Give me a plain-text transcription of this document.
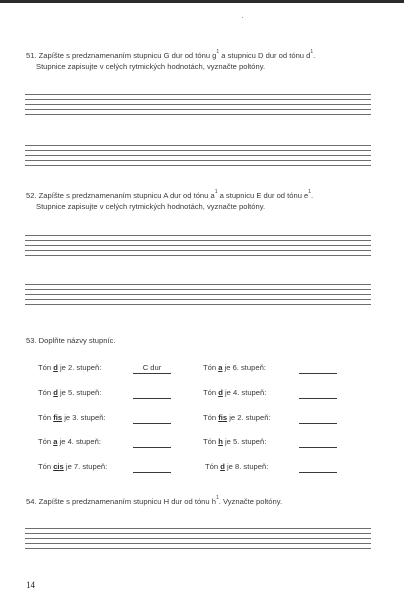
51. Zapíšte s predznamenaním stupnicu G dur od tónu $g^1$ a stupnicu D dur od tónu $d^1$.
Stupnice zapisujte v celých rytmických hodnotách, vyznačte poltóny.
52. Zapíšte s predznamenaním stupnicu A dur od tónu $a^1$ a stupnicu E dur od tónu $e^1$.
Stupnice zapisujte v celých rytmických hodnotách, vyznačte poltóny.
53. Doplňte názvy stupníc.
Tón d je 2. stupeň:	C dur	Tón a je 6. stupeň:
Tón d je 5. stupeň:	Tón d je 4. stupeň:
Tón fis je 3. stupeň:	Tón fis je 2. stupeň:
Tón a je 4. stupeň:	Tón h je 5. stupeň:
Tón cis je 7. stupeň:	Tón d je 8. stupeň:
54. Zapíšte s predznamenaním stupnicu H dur od tónu $h^1$. Vyznačte poltóny.
14
